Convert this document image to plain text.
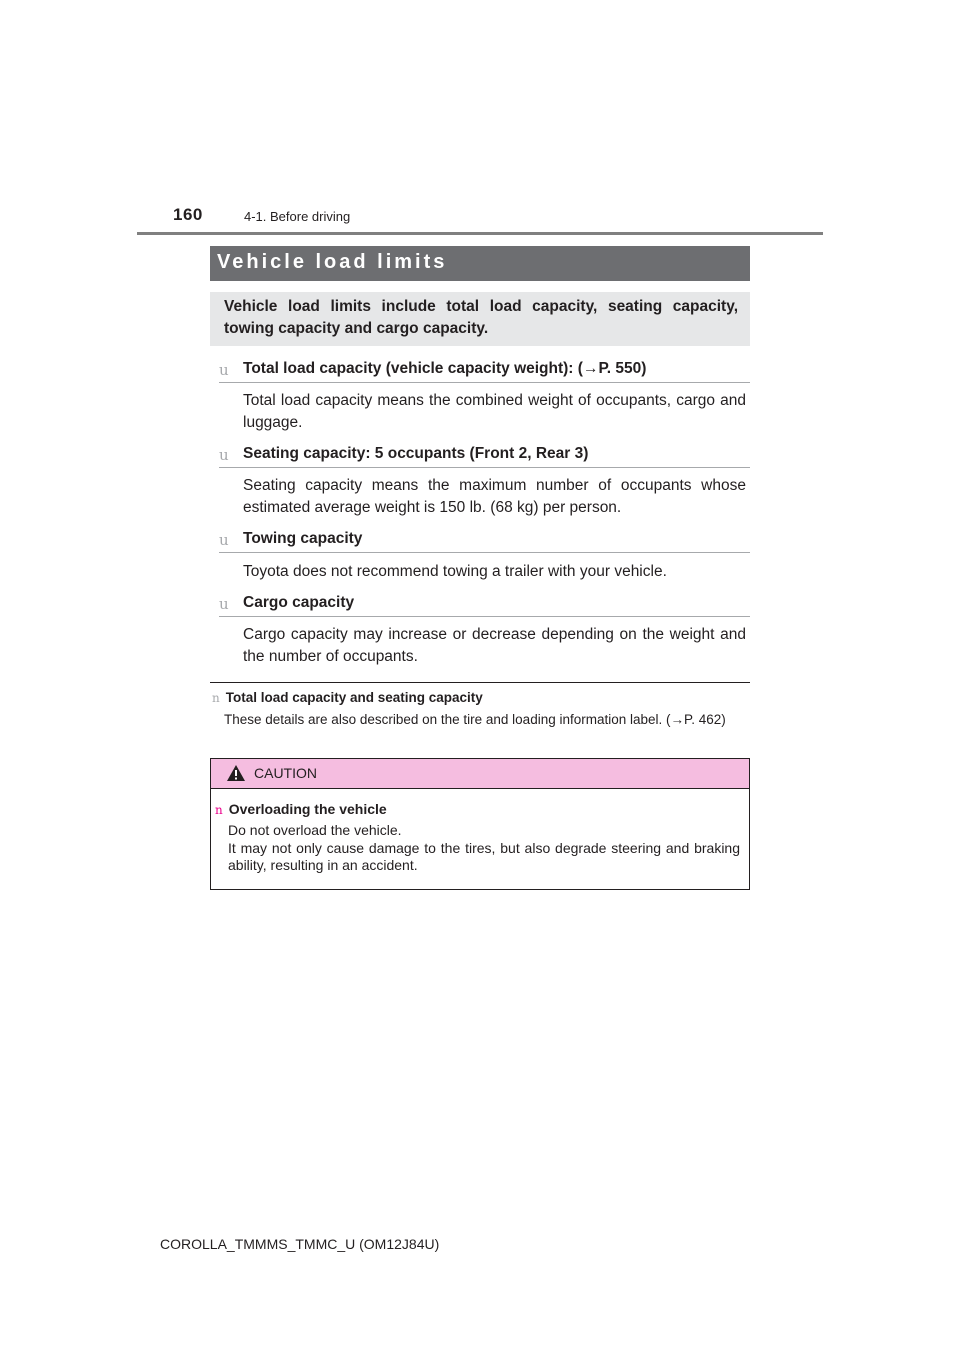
160	4-1. Before driving
Vehicle load limits
Vehicle load limits include total load capacity, seating capacity, towing capacity and cargo capacity.
u Total load capacity (vehicle capacity weight): (→P. 550)
Total load capacity means the combined weight of occupants, cargo and luggage.
u Seating capacity: 5 occupants (Front 2, Rear 3)
Seating capacity means the maximum number of occupants whose estimated average weight is 150 lb. (68 kg) per person.
u Towing capacity
Toyota does not recommend towing a trailer with your vehicle.
u Cargo capacity
Cargo capacity may increase or decrease depending on the weight and the number of occupants.
n Total load capacity and seating capacity
These details are also described on the tire and loading information label. (→P. 462)
CAUTION
n Overloading the vehicle
Do not overload the vehicle.
It may not only cause damage to the tires, but also degrade steering and braking ability, resulting in an accident.
COROLLA_TMMMS_TMMC_U (OM12J84U)
